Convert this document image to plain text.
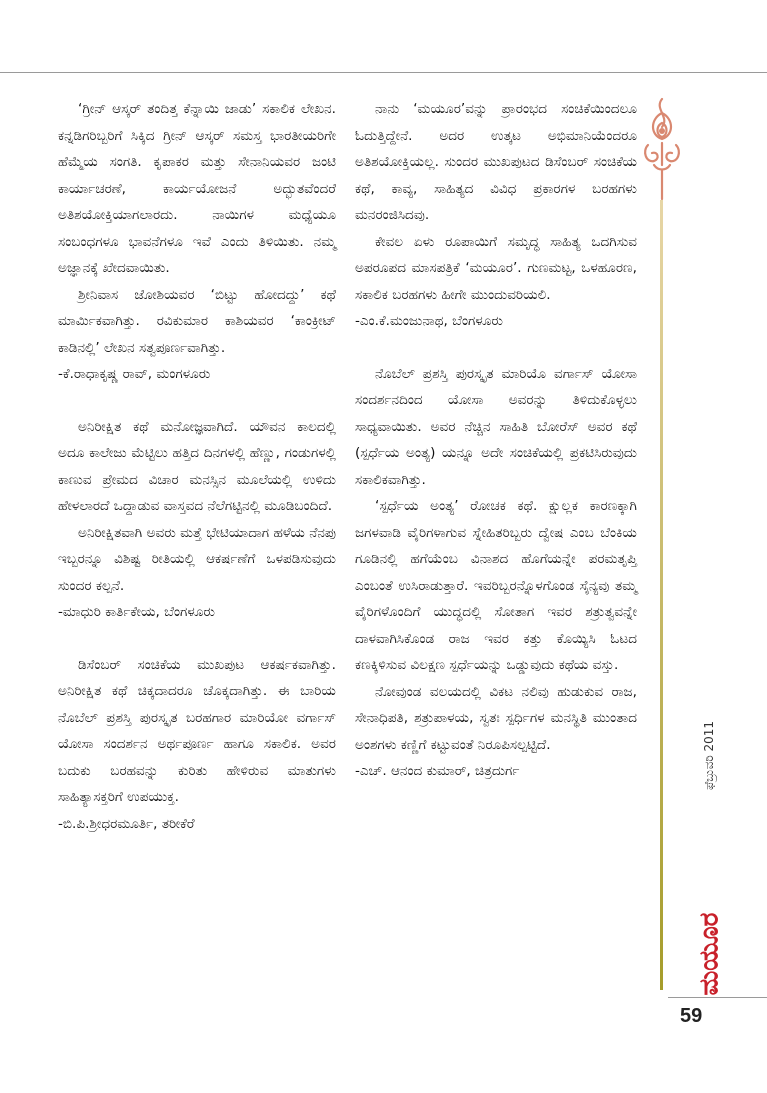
‘ಗ್ರೀನ್ ಆಸ್ಕರ್ ತಂದಿತ್ತ ಕೆನ್ನಾಯಿ ಜಾಡು’ ಸಕಾಲಿಕ ಲೇಖನ. ಕನ್ನಡಿಗರಿಬ್ಬರಿಗೆ ಸಿಕ್ಕಿದ ಗ್ರೀನ್ ಆಸ್ಕರ್ ಸಮಸ್ತ ಭಾರತೀಯರಿಗೇ ಹೆಮ್ಮೆಯ ಸಂಗತಿ. ಕೃಪಾಕರ ಮತ್ತು ಸೇನಾನಿಯವರ ಜಂಟಿ ಕಾರ್ಯಾಚರಣೆ, ಕಾರ್ಯಯೋಜನೆ ಅದ್ಭುತವೆಂದರೆ ಅತಿಶಯೋಕ್ತಿಯಾಗಲಾರದು. ನಾಯಿಗಳ ಮಧ್ಯೆಯೂ ಸಂಬಂಧಗಳೂ ಭಾವನೆಗಳೂ ಇವೆ ಎಂದು ತಿಳಿಯಿತು. ನಮ್ಮ ಅಜ್ಞಾನಕ್ಕೆ ಖೇದವಾಯಿತು.

ಶ್ರೀನಿವಾಸ ಜೋಶಿಯವರ ‘ಬಿಟ್ಟು ಹೋದದ್ದು’ ಕಥೆ ಮಾರ್ಮಿಕವಾಗಿತ್ತು. ರವಿಕುಮಾರ ಕಾಶಿಯವರ ‘ಕಾಂಕ್ರೀಟ್ ಕಾಡಿನಲ್ಲಿ’ ಲೇಖನ ಸತ್ವಪೂರ್ಣವಾಗಿತ್ತು.

-ಕೆ.ರಾಧಾಕೃಷ್ಣ ರಾವ್, ಮಂಗಳೂರು

ಅನಿರೀಕ್ಷಿತ ಕಥೆ ಮನೋಜ್ಞವಾಗಿದೆ. ಯೌವನ ಕಾಲದಲ್ಲಿ ಅದೂ ಕಾಲೇಜು ಮೆಟ್ಟಿಲು ಹತ್ತಿದ ದಿನಗಳಲ್ಲಿ ಹೆಣ್ಣು, ಗಂಡುಗಳಲ್ಲಿ ಕಾಣುವ ಪ್ರೇಮದ ವಿಚಾರ ಮನಸ್ಸಿನ ಮೂಲೆಯಲ್ಲಿ ಉಳಿದು ಹೇಳಲಾರದೆ ಒದ್ದಾಡುವ ವಾಸ್ತವದ ನೆಲೆಗಟ್ಟಿನಲ್ಲಿ ಮೂಡಿಬಂದಿದೆ.

ಅನಿರೀಕ್ಷಿತವಾಗಿ ಅವರು ಮತ್ತೆ ಭೇಟಿಯಾದಾಗ ಹಳೆಯ ನೆನಪು ಇಬ್ಬರನ್ನೂ ವಿಶಿಷ್ಟ ರೀತಿಯಲ್ಲಿ ಆಕರ್ಷಣೆಗೆ ಒಳಪಡಿಸುವುದು ಸುಂದರ ಕಲ್ಪನೆ.

-ಮಾಧುರಿ ಕಾರ್ತಿಕೇಯ, ಬೆಂಗಳೂರು

ಡಿಸೆಂಬರ್ ಸಂಚಿಕೆಯ ಮುಖಪುಟ ಆಕರ್ಷಕವಾಗಿತ್ತು. ಅನಿರೀಕ್ಷಿತ ಕಥೆ ಚಿಕ್ಕದಾದರೂ ಚೊಕ್ಕದಾಗಿತ್ತು. ಈ ಬಾರಿಯ ನೊಬೆಲ್ ಪ್ರಶಸ್ತಿ ಪುರಸ್ಕೃತ ಬರಹಗಾರ ಮಾರಿಯೋ ವರ್ಗಾಸ್ ಯೋಸಾ ಸಂದರ್ಶನ ಅರ್ಥಪೂರ್ಣ ಹಾಗೂ ಸಕಾಲಿಕ. ಅವರ ಬದುಕು ಬರಹವನ್ನು ಕುರಿತು ಹೇಳಿರುವ ಮಾತುಗಳು ಸಾಹಿತ್ಯಾಸಕ್ತರಿಗೆ ಉಪಯುಕ್ತ.

-ಬಿ.ಪಿ.ಶ್ರೀಧರಮೂರ್ತಿ, ತರೀಕೆರೆ

ನಾನು ‘ಮಯೂರ’ವನ್ನು ಪ್ರಾರಂಭದ ಸಂಚಿಕೆಯಿಂದಲೂ ಓದುತ್ತಿದ್ದೇನೆ. ಅದರ ಉತ್ಕಟ ಅಭಿಮಾನಿಯೆಂದರೂ ಅತಿಶಯೋಕ್ತಿಯಲ್ಲ. ಸುಂದರ ಮುಖಪುಟದ ಡಿಸೆಂಬರ್ ಸಂಚಿಕೆಯ ಕಥೆ, ಕಾವ್ಯ, ಸಾಹಿತ್ಯದ ವಿವಿಧ ಪ್ರಕಾರಗಳ ಬರಹಗಳು ಮನರಂಜಿಸಿದವು.

ಕೇವಲ ಏಳು ರೂಪಾಯಿಗೆ ಸಮೃದ್ಧ ಸಾಹಿತ್ಯ ಒದಗಿಸುವ ಅಪರೂಪದ ಮಾಸಪತ್ರಿಕೆ ‘ಮಯೂರ’. ಗುಣಮಟ್ಟ, ಒಳಹೂರಣ, ಸಕಾಲಿಕ ಬರಹಗಳು ಹೀಗೇ ಮುಂದುವರಿಯಲಿ.

-ಎಂ.ಕೆ.ಮಂಜುನಾಥ, ಬೆಂಗಳೂರು

ನೊಬೆಲ್ ಪ್ರಶಸ್ತಿ ಪುರಸ್ಕೃತ ಮಾರಿಯೊ ವರ್ಗಾಸ್ ಯೋಸಾ ಸಂದರ್ಶನದಿಂದ ಯೋಸಾ ಅವರನ್ನು ತಿಳಿದುಕೊಳ್ಳಲು ಸಾಧ್ಯವಾಯಿತು. ಅವರ ನೆಚ್ಚಿನ ಸಾಹಿತಿ ಬೋರೆಸ್ ಅವರ ಕಥೆ (ಸ್ಪರ್ಧೆಯ ಅಂತ್ಯ) ಯನ್ನೂ ಅದೇ ಸಂಚಿಕೆಯಲ್ಲಿ ಪ್ರಕಟಿಸಿರುವುದು ಸಕಾಲಿಕವಾಗಿತ್ತು.

‘ಸ್ಪರ್ಧೆಯ ಅಂತ್ಯ’ ರೋಚಕ ಕಥೆ. ಕ್ಷುಲ್ಲಕ ಕಾರಣಕ್ಕಾಗಿ ಜಗಳವಾಡಿ ವೈರಿಗಳಾಗುವ ಸ್ನೇಹಿತರಿಬ್ಬರು ದ್ವೇಷ ಎಂಬ ಬೆಂಕಿಯ ಗೂಡಿನಲ್ಲಿ ಹಗೆಯೆಂಬ ವಿನಾಶದ ಹೊಗೆಯನ್ನೇ ಪರಮತೃಪ್ತಿ ಎಂಬಂತೆ ಉಸಿರಾಡುತ್ತಾರೆ. ಇವರಿಬ್ಬರನ್ನೊಳಗೊಂಡ ಸೈನ್ಯವು ತಮ್ಮ ವೈರಿಗಳೊಂದಿಗೆ ಯುದ್ಧದಲ್ಲಿ ಸೋತಾಗ ಇವರ ಶತ್ರುತ್ವವನ್ನೇ ದಾಳವಾಗಿಸಿಕೊಂಡ ರಾಜ ಇವರ ಕತ್ತು ಕೊಯ್ಯಿಸಿ ಓಟದ ಕಣಕ್ಕಿಳಿಸುವ ವಿಲಕ್ಷಣ ಸ್ಪರ್ಧೆಯನ್ನು ಒಡ್ಡುವುದು ಕಥೆಯ ವಸ್ತು.

ನೋವುಂಡ ವಲಯದಲ್ಲಿ ವಿಕಟ ನಲಿವು ಹುಡುಕುವ ರಾಜ, ಸೇನಾಧಿಪತಿ, ಶತ್ರುಪಾಳಯ, ಸ್ವತಃ ಸ್ಪರ್ಧಿಗಳ ಮನಸ್ಥಿತಿ ಮುಂತಾದ ಅಂಶಗಳು ಕಣ್ಣಿಗೆ ಕಟ್ಟುವಂತೆ ನಿರೂಪಿಸಲ್ಪಟ್ಟಿದೆ.

-ಎಚ್. ಆನಂದ ಕುಮಾರ್, ಚಿತ್ರದುರ್ಗ	ಫೆಬ್ರುವರಿ 2011
ಮಯೂರ
59
